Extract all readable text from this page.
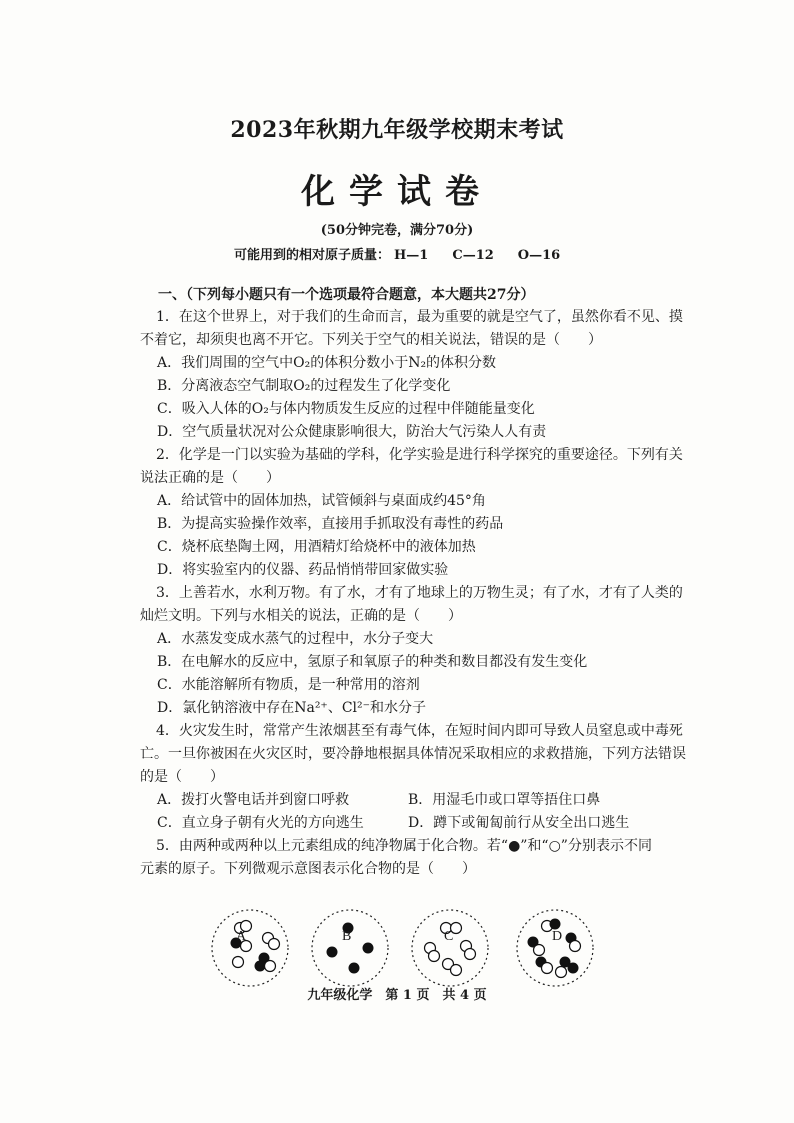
2023年秋期九年级学校期末考试
化学试卷
(50分钟完卷，满分70分)
可能用到的相对原子质量： H—1 C—12 O—16
一、（下列每小题只有一个选项最符合题意，本大题共27分）
1．在这个世界上，对于我们的生命而言，最为重要的就是空气了，虽然你看不见、摸
不着它，却须臾也离不开它。下列关于空气的相关说法，错误的是（　　）
A．我们周围的空气中O₂的体积分数小于N₂的体积分数
B．分离液态空气制取O₂的过程发生了化学变化
C．吸入人体的O₂与体内物质发生反应的过程中伴随能量变化
D．空气质量状况对公众健康影响很大，防治大气污染人人有责
2．化学是一门以实验为基础的学科，化学实验是进行科学探究的重要途径。下列有关
说法正确的是（　　）
A．给试管中的固体加热，试管倾斜与桌面成约45°角
B．为提高实验操作效率，直接用手抓取没有毒性的药品
C．烧杯底垫陶土网，用酒精灯给烧杯中的液体加热
D．将实验室内的仪器、药品悄悄带回家做实验
3．上善若水，水利万物。有了水，才有了地球上的万物生灵；有了水，才有了人类的
灿烂文明。下列与水相关的说法，正确的是（　　）
A．水蒸发变成水蒸气的过程中，水分子变大
B．在电解水的反应中，氢原子和氧原子的种类和数目都没有发生变化
C．水能溶解所有物质，是一种常用的溶剂
D．氯化钠溶液中存在Na²⁺、Cl²⁻和水分子
4．火灾发生时，常常产生浓烟甚至有毒气体，在短时间内即可导致人员窒息或中毒死
亡。一旦你被困在火灾区时，要冷静地根据具体情况采取相应的求救措施，下列方法错误
的是（　　）
A．拨打火警电话并到窗口呼救	B．用湿毛巾或口罩等捂住口鼻
C．直立身子朝有火光的方向逃生	D．蹲下或匍匐前行从安全出口逃生
5．由两种或两种以上元素组成的纯净物属于化合物。若“●”和“○”分别表示不同
元素的原子。下列微观示意图表示化合物的是（　　）
A	B	C	D
九年级化学　第 1 页　共 4 页
